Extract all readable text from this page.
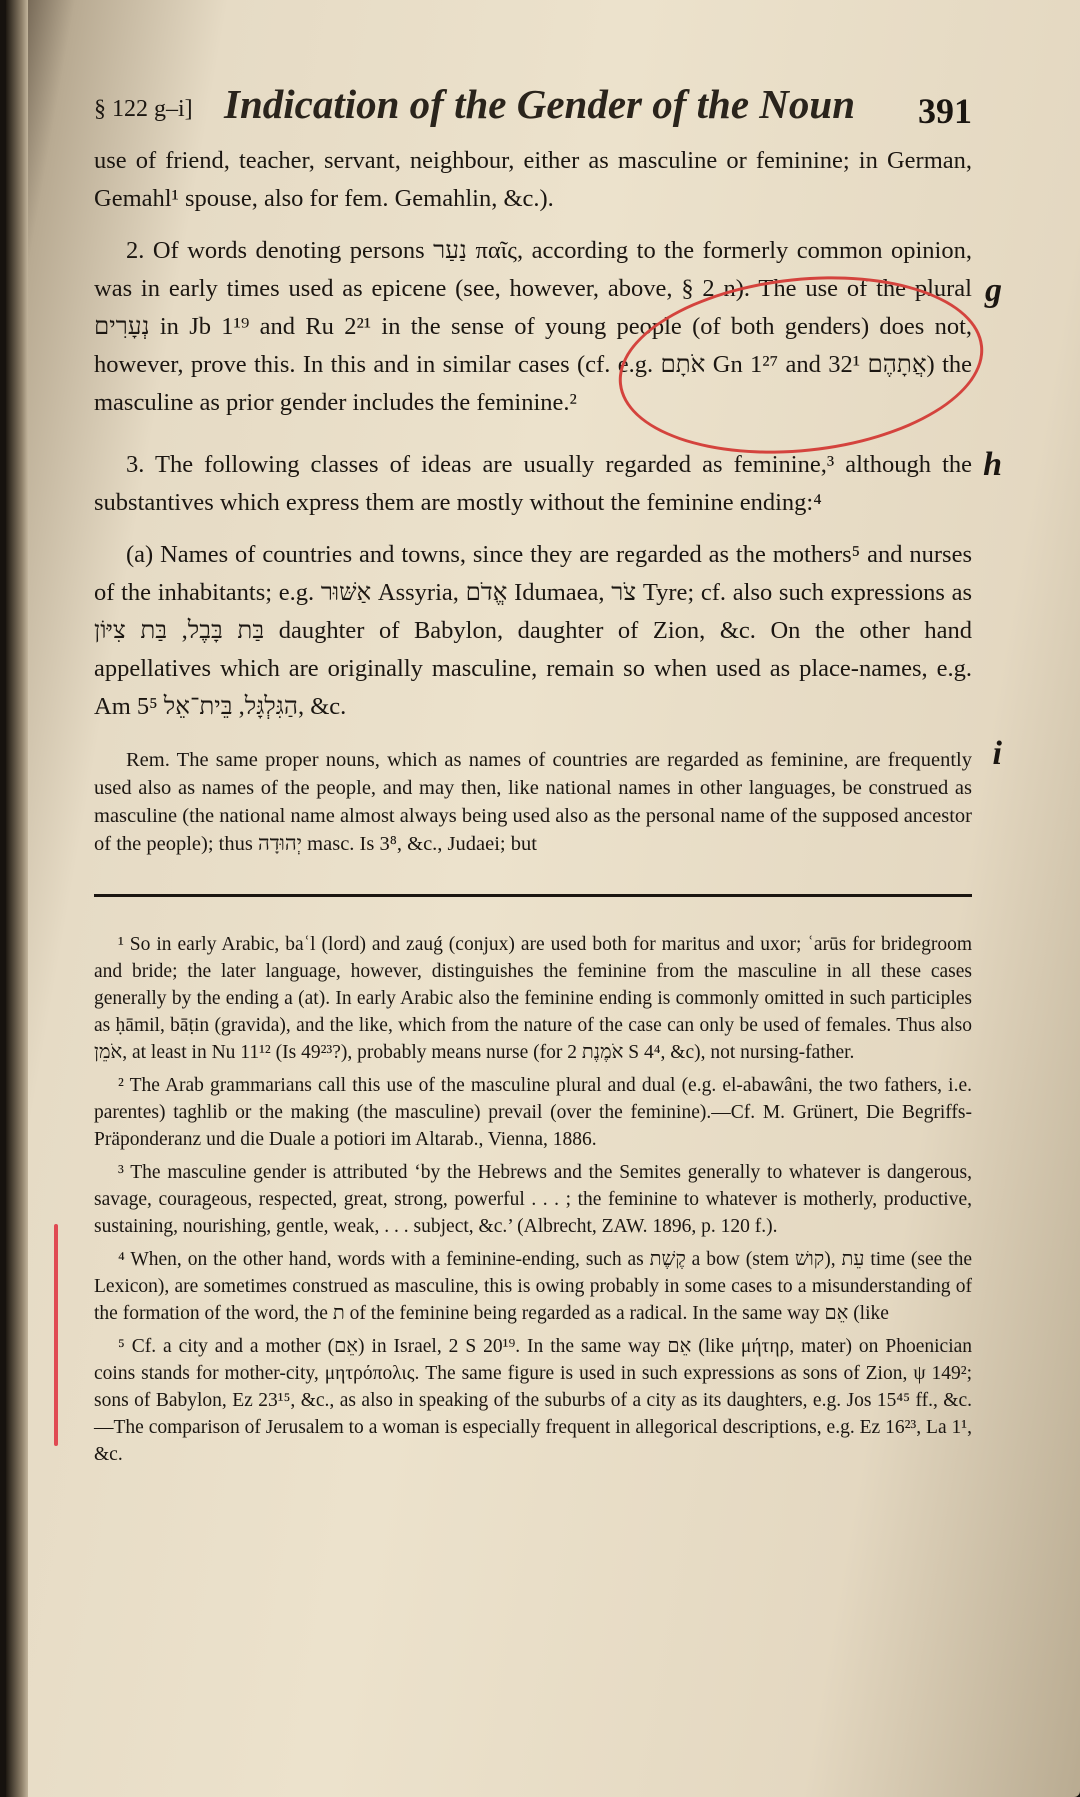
§ 122 g–i] Indication of the Gender of the Noun 391

use of friend, teacher, servant, neighbour, either as masculine or feminine; in German, Gemahl¹ spouse, also for fem. Gemahlin, &c.).

2. Of words denoting persons נַעַר παῖς, according to the formerly common opinion, was in early times used as epicene (see, however, above, § 2 n). The use of the plural נְעָרִים in Jb 1¹⁹ and Ru 2²¹ in the sense of young people (of both genders) does not, however, prove this. In this and in similar cases (cf. e.g. אֹתָם Gn 1²⁷ and אֲתָהֶם 32¹) the masculine as prior gender includes the feminine.²

g

3. The following classes of ideas are usually regarded as feminine,³ although the substantives which express them are mostly without the feminine ending:⁴

h

(a) Names of countries and towns, since they are regarded as the mothers⁵ and nurses of the inhabitants; e.g. אַשּׁוּר Assyria, אֱדֹם Idumaea, צֹר Tyre; cf. also such expressions as בַּת בָּבֶל, בַּת צִיּוֹן daughter of Babylon, daughter of Zion, &c. On the other hand appellatives which are originally masculine, remain so when used as place-names, e.g. Am 5⁵ הַגִּלְגָּל, בֵּית־אֵל, &c.

Rem. The same proper nouns, which as names of countries are regarded as feminine, are frequently used also as names of the people, and may then, like national names in other languages, be construed as masculine (the national name almost always being used also as the personal name of the supposed ancestor of the people); thus יְהוּדָה masc. Is 3⁸, &c., Judaei; but

i

¹ So in early Arabic, baʿl (lord) and zauǵ (conjux) are used both for maritus and uxor; ʿarūs for bridegroom and bride; the later language, however, distinguishes the feminine from the masculine in all these cases generally by the ending a (at). In early Arabic also the feminine ending is commonly omitted in such participles as ḥāmil, bāṭin (gravida), and the like, which from the nature of the case can only be used of females. Thus also אֹמֵן, at least in Nu 11¹² (Is 49²³?), probably means nurse (for אֹמֶנֶת 2 S 4⁴, &c), not nursing-father.

² The Arab grammarians call this use of the masculine plural and dual (e.g. el-abawâni, the two fathers, i.e. parentes) taghlib or the making (the masculine) prevail (over the feminine).—Cf. M. Grünert, Die Begriffs-Präponderanz und die Duale a potiori im Altarab., Vienna, 1886.

³ The masculine gender is attributed ‘by the Hebrews and the Semites generally to whatever is dangerous, savage, courageous, respected, great, strong, powerful . . . ; the feminine to whatever is motherly, productive, sustaining, nourishing, gentle, weak, . . . subject, &c.’ (Albrecht, ZAW. 1896, p. 120 f.).

⁴ When, on the other hand, words with a feminine-ending, such as קֶשֶׁת a bow (stem קושׁ), עֵת time (see the Lexicon), are sometimes construed as masculine, this is owing probably in some cases to a misunderstanding of the formation of the word, the ת of the feminine being regarded as a radical. In the same way אֵם (like

⁵ Cf. a city and a mother (אֵם) in Israel, 2 S 20¹⁹. In the same way אֵם (like μήτηρ, mater) on Phoenician coins stands for mother-city, μητρόπολις. The same figure is used in such expressions as sons of Zion, ψ 149²; sons of Babylon, Ez 23¹⁵, &c., as also in speaking of the suburbs of a city as its daughters, e.g. Jos 15⁴⁵ ff., &c.—The comparison of Jerusalem to a woman is especially frequent in allegorical descriptions, e.g. Ez 16²³, La 1¹, &c.
